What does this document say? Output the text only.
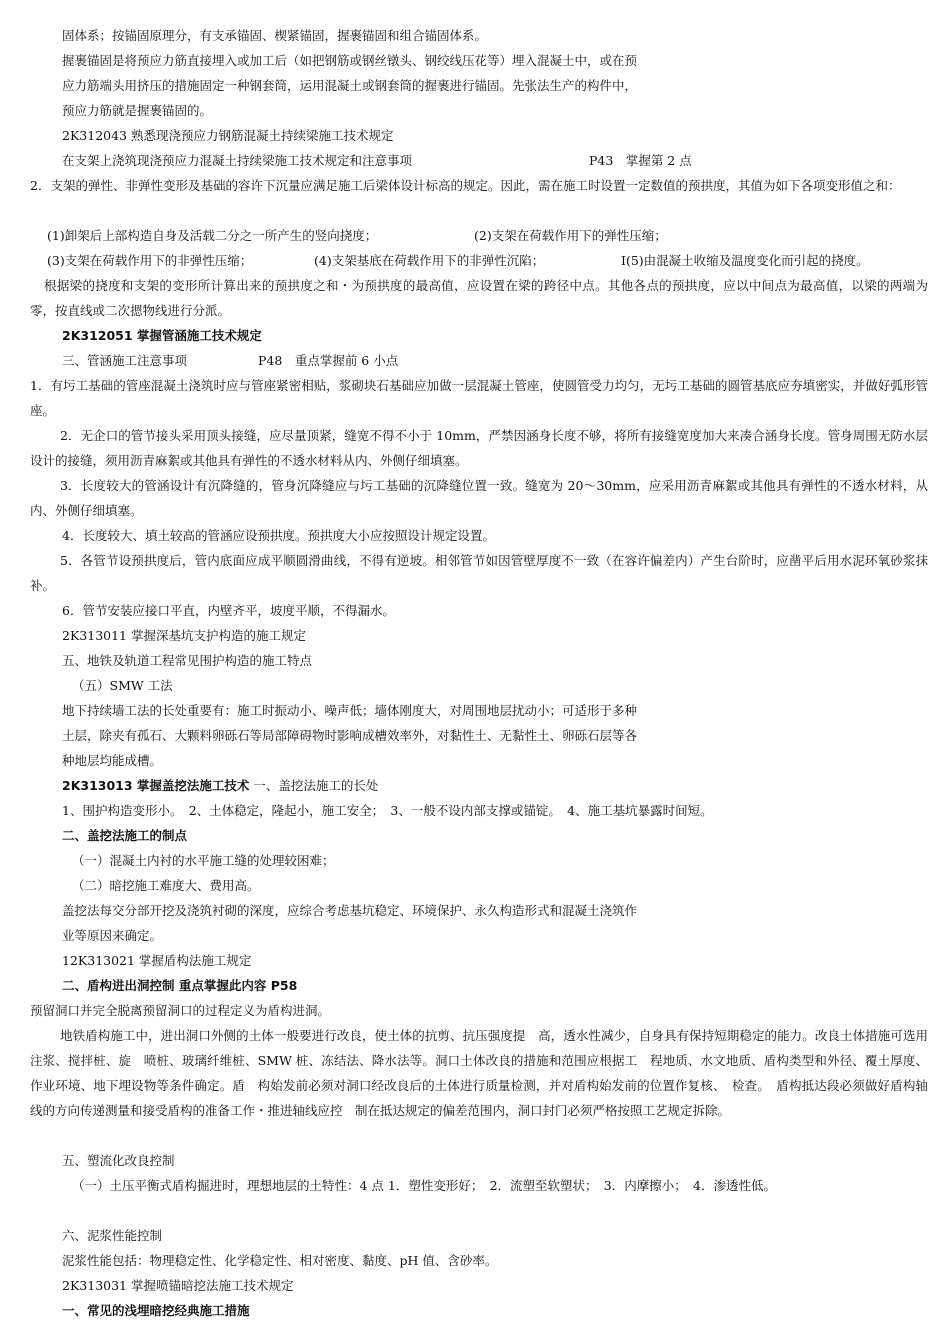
固体系；按锚固原理分，有支承锚固、楔紧锚固，握裹锚固和组合锚固体系。
握裹锚固是将预应力筋直接埋入或加工后（如把钢筋或钢丝镦头、钢绞线压花等）埋入混凝土中，或在预
应力筋端头用挤压的措施固定一种钢套筒，运用混凝土或钢套筒的握裹进行锚固。先张法生产的构件中，
预应力筋就是握裹锚固的。
2K312043 熟悉现浇预应力钢筋混凝土持续梁施工技术规定
在支架上浇筑现浇预应力混凝土持续梁施工技术规定和注意事项	P43　掌握第 2 点
2．支架的弹性、非弹性变形及基础的容许下沉量应满足施工后梁体设计标高的规定。因此，需在施工时设置一定数值的预拱度，其值为如下各项变形值之和：
(1)卸架后上部构造自身及活载二分之一所产生的竖向挠度；	(2)支架在荷载作用下的弹性压缩；
(3)支架在荷载作用下的非弹性压缩；	(4)支架基底在荷载作用下的非弹性沉陷；	I(5)由混凝土收缩及温度变化而引起的挠度。
根据梁的挠度和支架的变形所计算出来的预拱度之和・为预拱度的最高值，应设置在梁的跨径中点。其他各点的预拱度，应以中间点为最高值，以梁的两端为零，按直线或二次摁物线进行分派。
2K312051 掌握管涵施工技术规定
三、管涵施工注意事项	P48　重点掌握前 6 小点
1．有圬工基础的管座混凝土浇筑时应与管座紧密相贴，浆砌块石基础应加做一层混凝土管座，使圆管受力均匀，无圬工基础的圆管基底应夯填密实，并做好弧形管座。
2．无企口的管节接头采用顶头接缝，应尽量顶紧，缝宽不得不小于 10mm，严禁因涵身长度不够，将所有接缝宽度加大来凑合涵身长度。管身周围无防水层设计的接缝，须用沥青麻絮或其他具有弹性的不透水材料从内、外侧仔细填塞。
3．长度较大的管涵设计有沉降缝的，管身沉降缝应与圬工基础的沉降缝位置一致。缝宽为 20～30mm，应采用沥青麻絮或其他具有弹性的不透水材料，从内、外侧仔细填塞。
4．长度较大、填土较高的管涵应设预拱度。预拱度大小应按照设计规定设置。
5．各管节设预拱度后，管内底面应成平顺圆滑曲线，不得有逆坡。相邻管节如因管壁厚度不一致（在容许偏差内）产生台阶时，应凿平后用水泥环氧砂浆抹补。
6．管节安装应接口平直，内壁齐平，坡度平顺，不得漏水。
2K313011 掌握深基坑支护构造的施工规定
五、地铁及轨道工程常见围护构造的施工特点
（五）SMW 工法
地下持续墙工法的长处重要有：施工时振动小、噪声低；墙体刚度大，对周围地层扰动小；可适形于多种
土层，除夹有孤石、大颗料卵砾石等局部障碍物时影响成槽效率外，对黏性土、无黏性土、卵砾石层等各
种地层均能成槽。
2K313013 掌握盖挖法施工技术 一、盖挖法施工的长处
1、围护构造变形小。　2、土体稳定，隆起小，施工安全；　3、一般不设内部支撑或锚锭。　4、施工基坑暴露时间短。
二、盖挖法施工的制点
（一）混凝土内衬的水平施工缝的处理较困难；
（二）暗挖施工难度大、费用高。
盖挖法每交分部开挖及浇筑衬砌的深度，应综合考虑基坑稳定、环境保护、永久构造形式和混凝土浇筑作
业等原因来确定。
12K313021 掌握盾构法施工规定
二、盾构进出洞控制 重点掌握此内容 P58
预留洞口并完全脱离预留洞口的过程定义为盾构进洞。
地铁盾构施工中，进出洞口外侧的土体一般要进行改良，使土体的抗剪、抗压强度提　高，透水性减少，自身具有保持短期稳定的能力。改良土体措施可选用注浆、搅拌桩、旋　喷桩、玻璃纤维桩、SMW 桩、冻结法、降水法等。洞口土体改良的措施和范围应根据工　程地质、水文地质、盾构类型和外径、覆土厚度、作业环境、地下埋设物等条件确定。盾　构始发前必须对洞口经改良后的土体进行质量检测，并对盾构始发前的位置作复核、　检查。　盾构抵达段必须做好盾构轴线的方向传递测量和接受盾构的准备工作・推进轴线应控　制在抵达规定的偏差范围内，洞口封门必须严格按照工艺规定拆除。
五、塑流化改良控制
（一）土压平衡式盾构掘进时，理想地层的土特性：4 点 1．塑性变形好；　2．流塑至软塑状；　3．内摩擦小；　4．渗透性低。
六、泥浆性能控制
泥浆性能包括：物理稳定性、化学稳定性、相对密度、黏度、pH 值、含砂率。
2K313031 掌握喷锚暗挖法施工技术规定
一、常见的浅埋暗挖经典施工措施
